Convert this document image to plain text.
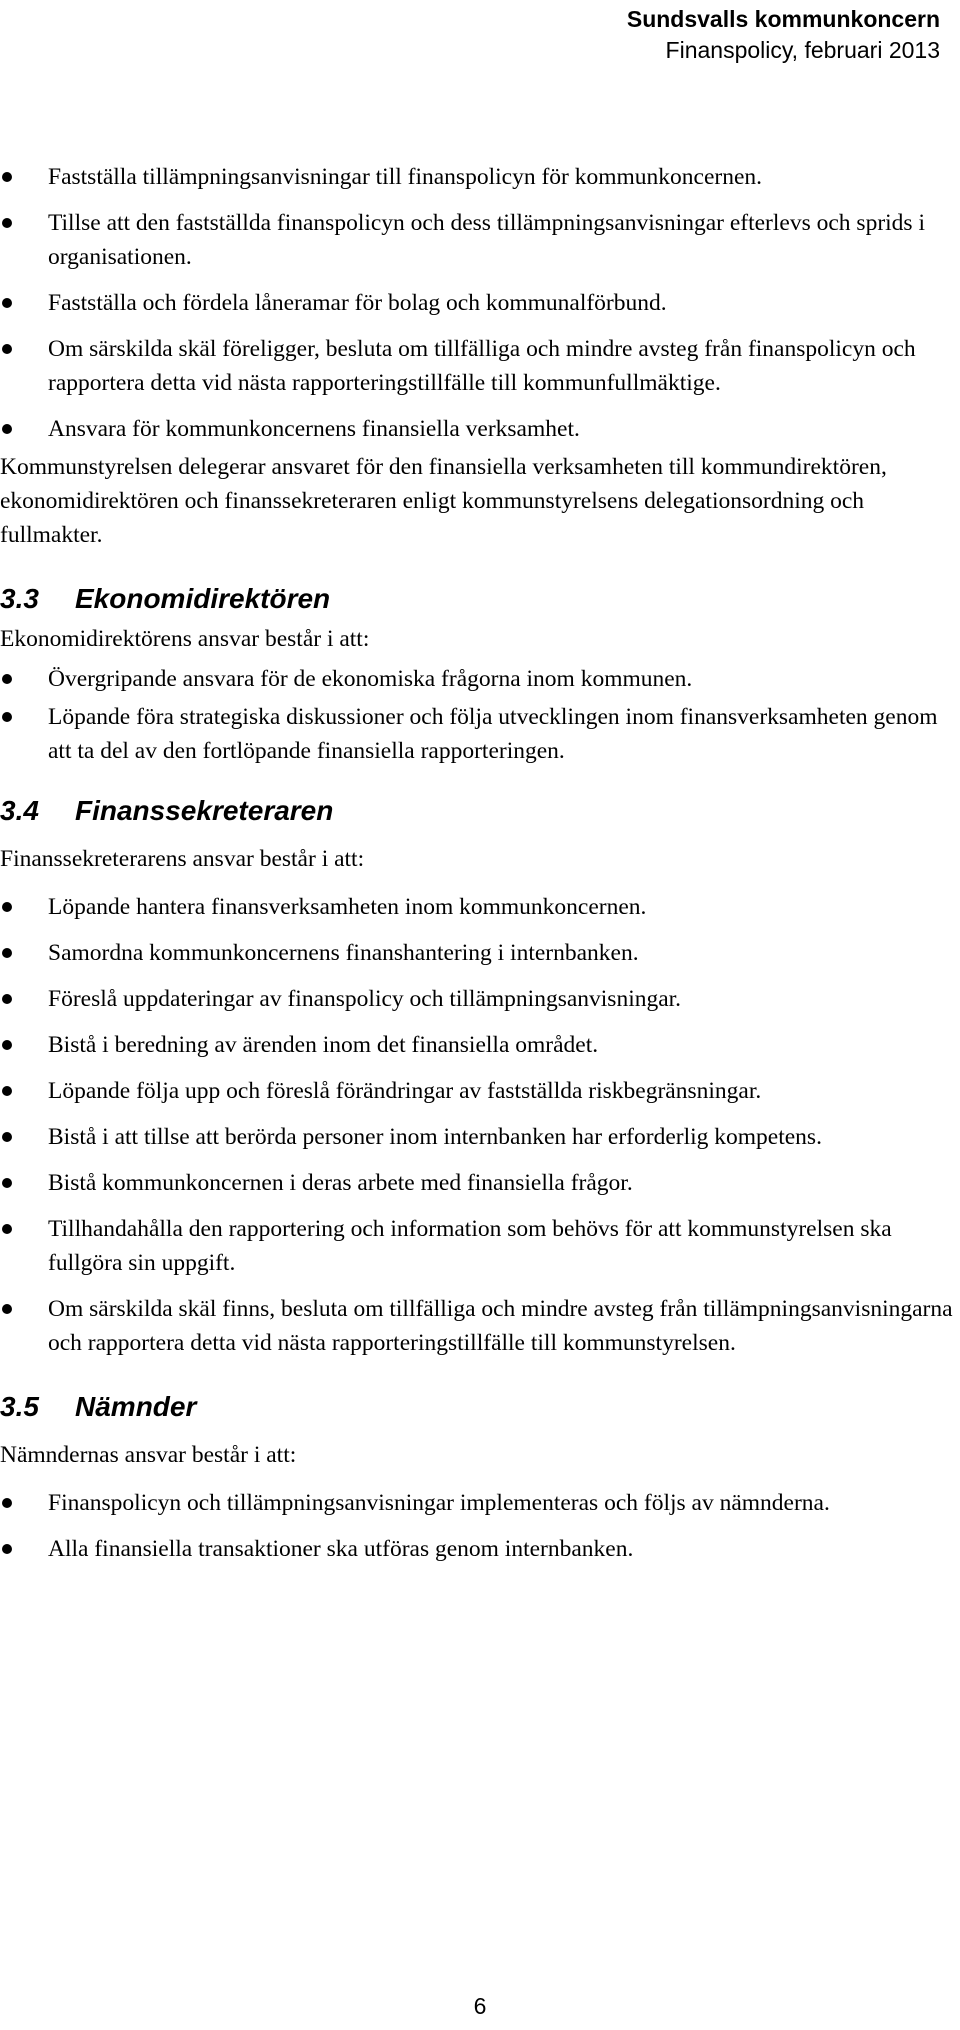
Sundsvalls kommunkoncern
Finanspolicy, februari 2013
Fastställa tillämpningsanvisningar till finanspolicyn för kommunkoncernen.
Tillse att den fastställda finanspolicyn och dess tillämpningsanvisningar efterlevs och sprids i organisationen.
Fastställa och fördela låneramar för bolag och kommunalförbund.
Om särskilda skäl föreligger, besluta om tillfälliga och mindre avsteg från finanspolicyn och rapportera detta vid nästa rapporteringstillfälle till kommunfullmäktige.
Ansvara för kommunkoncernens finansiella verksamhet.

Kommunstyrelsen delegerar ansvaret för den finansiella verksamheten till kommundirektören, ekonomidirektören och finanssekreteraren enligt kommunstyrelsens delegationsordning och fullmakter.

3.3 Ekonomidirektören

Ekonomidirektörens ansvar består i att:

Övergripande ansvara för de ekonomiska frågorna inom kommunen.
Löpande föra strategiska diskussioner och följa utvecklingen inom finansverksamheten genom att ta del av den fortlöpande finansiella rapporteringen.
3.4 Finanssekreteraren

Finanssekreterarens ansvar består i att:

Löpande hantera finansverksamheten inom kommunkoncernen.
Samordna kommunkoncernens finanshantering i internbanken.
Föreslå uppdateringar av finanspolicy och tillämpningsanvisningar.
Bistå i beredning av ärenden inom det finansiella området.
Löpande följa upp och föreslå förändringar av fastställda riskbegränsningar.
Bistå i att tillse att berörda personer inom internbanken har erforderlig kompetens.
Bistå kommunkoncernen i deras arbete med finansiella frågor.
Tillhandahålla den rapportering och information som behövs för att kommunstyrelsen ska fullgöra sin uppgift.
Om särskilda skäl finns, besluta om tillfälliga och mindre avsteg från tillämpningsanvisningarna och rapportera detta vid nästa rapporteringstillfälle till kommunstyrelsen.
3.5 Nämnder

Nämndernas ansvar består i att:

Finanspolicyn och tillämpningsanvisningar implementeras och följs av nämnderna.
Alla finansiella transaktioner ska utföras genom internbanken.
6
